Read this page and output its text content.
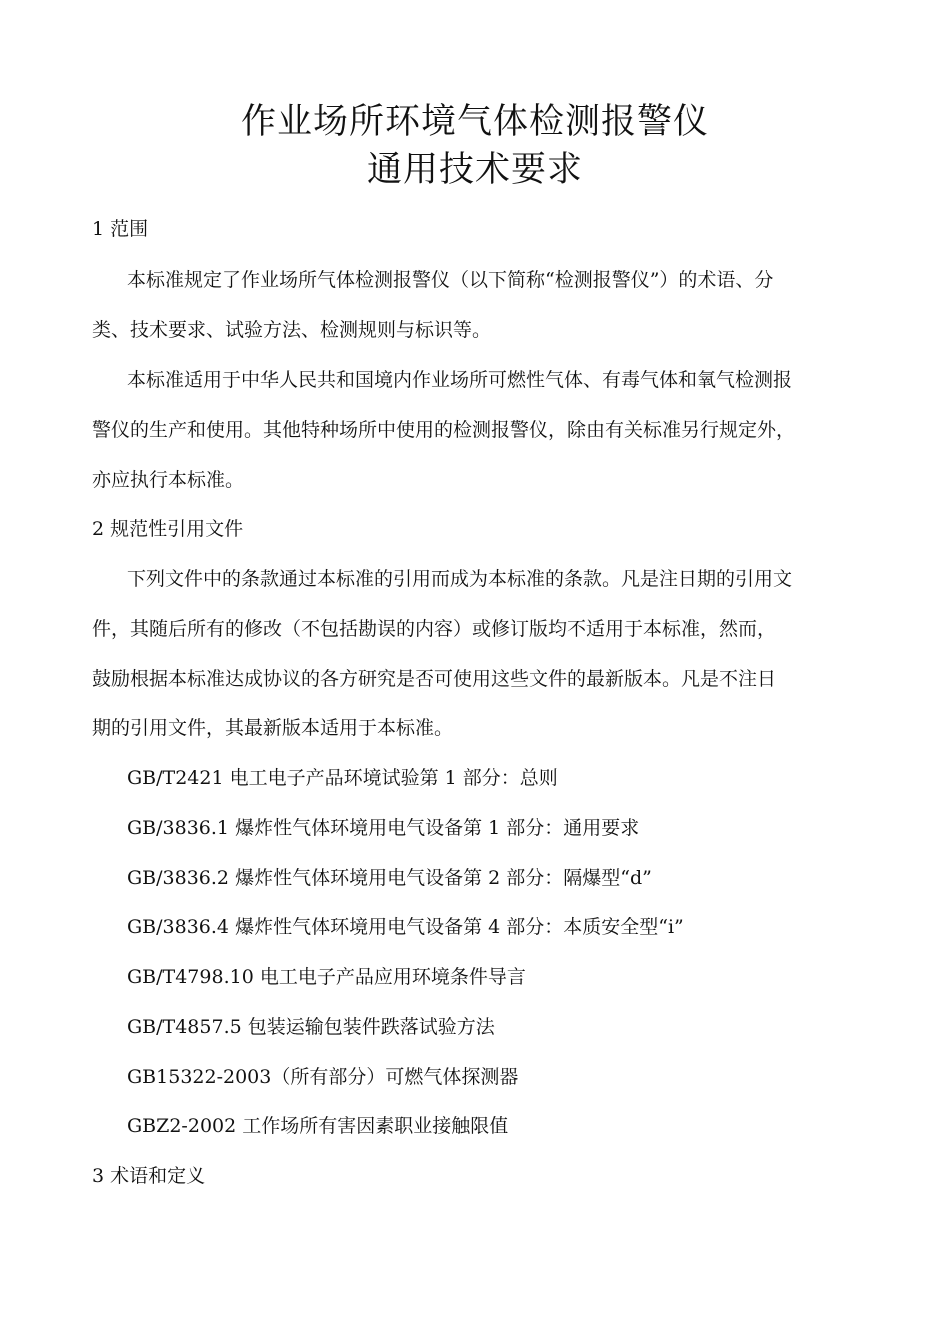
作业场所环境气体检测报警仪
通用技术要求

1 范围

本标准规定了作业场所气体检测报警仪（以下简称“检测报警仪”）的术语、分

类、技术要求、试验方法、检测规则与标识等。

本标准适用于中华人民共和国境内作业场所可燃性气体、有毒气体和氧气检测报

警仪的生产和使用。其他特种场所中使用的检测报警仪，除由有关标准另行规定外，

亦应执行本标准。

2 规范性引用文件

下列文件中的条款通过本标准的引用而成为本标准的条款。凡是注日期的引用文

件，其随后所有的修改（不包括勘误的内容）或修订版均不适用于本标准，然而，

鼓励根据本标准达成协议的各方研究是否可使用这些文件的最新版本。凡是不注日

期的引用文件，其最新版本适用于本标准。

GB/T2421 电工电子产品环境试验第 1 部分：总则

GB/3836.1 爆炸性气体环境用电气设备第 1 部分：通用要求

GB/3836.2 爆炸性气体环境用电气设备第 2 部分：隔爆型“d”

GB/3836.4 爆炸性气体环境用电气设备第 4 部分：本质安全型“i”

GB/T4798.10 电工电子产品应用环境条件导言

GB/T4857.5 包装运输包装件跌落试验方法

GB15322-2003（所有部分）可燃气体探测器

GBZ2-2002 工作场所有害因素职业接触限值

3 术语和定义
